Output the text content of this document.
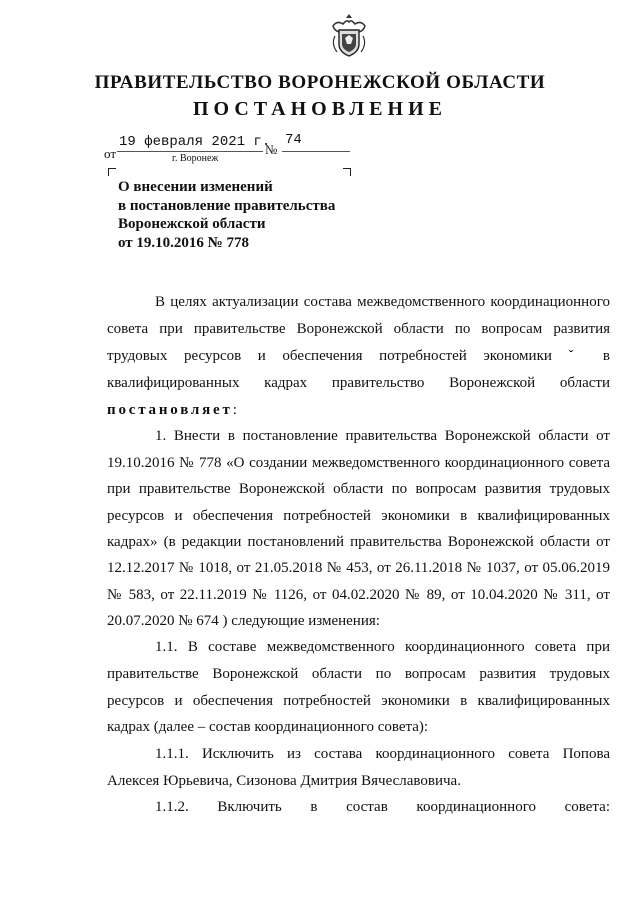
ПРАВИТЕЛЬСТВО ВОРОНЕЖСКОЙ ОБЛАСТИ
ПОСТАНОВЛЕНИЕ
от
19 февраля 2021 г.
№
74
г. Воронеж
О внесении изменений
в постановление правительства
Воронежской области
от 19.10.2016 № 778
В целях актуализации состава межведомственного координационного
совета при правительстве Воронежской области по вопросам развития
трудовых ресурсов и обеспечения потребностей экономики ˇ в
квалифицированных кадрах правительство Воронежской области
постановляет:
1. Внести в постановление правительства Воронежской области от
19.10.2016 № 778 «О создании межведомственного координационного совета
при правительстве Воронежской области по вопросам развития трудовых
ресурсов и обеспечения потребностей экономики в квалифицированных
кадрах» (в редакции постановлений правительства Воронежской области от
12.12.2017 № 1018, от 21.05.2018 № 453, от 26.11.2018 № 1037, от 05.06.2019
№ 583, от 22.11.2019 № 1126, от 04.02.2020 № 89, от 10.04.2020 № 311, от
20.07.2020 № 674 ) следующие изменения:
1.1. В составе межведомственного координационного совета при
правительстве Воронежской области по вопросам развития трудовых
ресурсов и обеспечения потребностей экономики в квалифицированных
кадрах (далее – состав координационного совета):
1.1.1. Исключить из состава координационного совета Попова
Алексея Юрьевича, Сизонова Дмитрия Вячеславовича.
1.1.2. Включить в состав координационного совета:
